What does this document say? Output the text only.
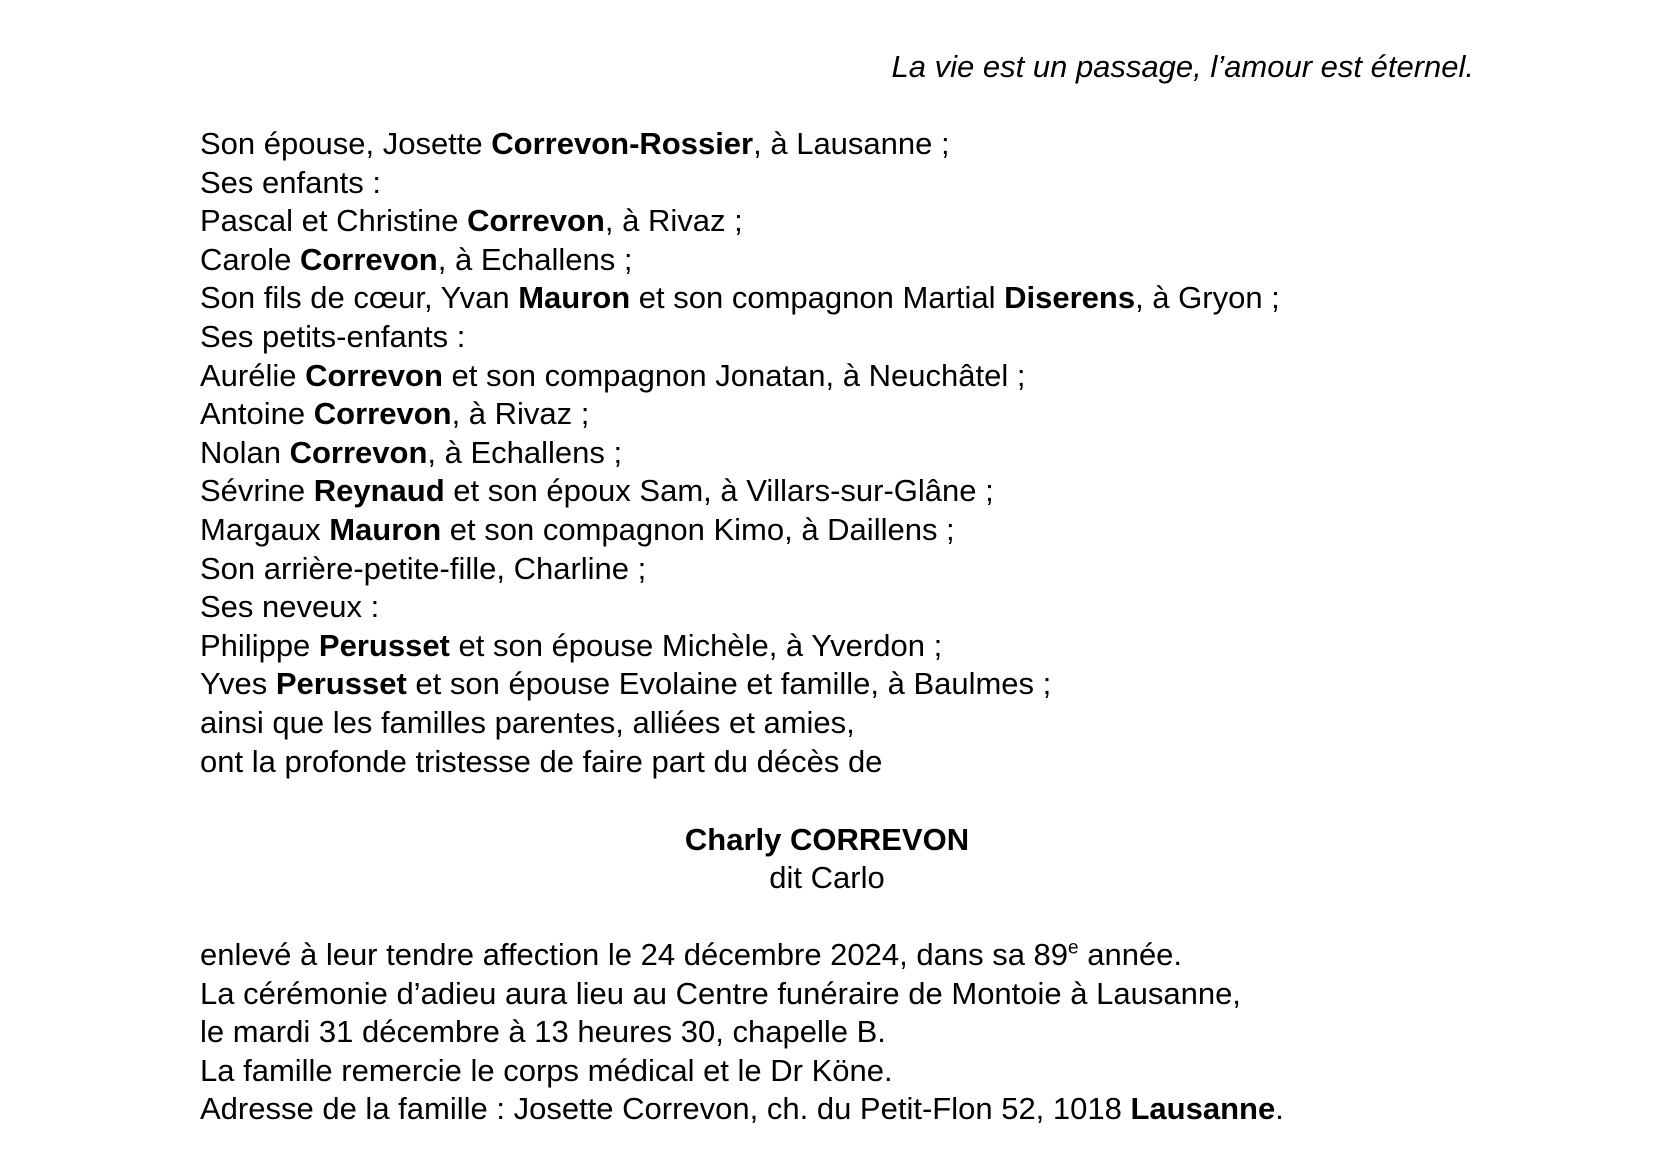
La vie est un passage, l’amour est éternel.
Son épouse, Josette Correvon-Rossier, à Lausanne ;
Ses enfants :
Pascal et Christine Correvon, à Rivaz ;
Carole Correvon, à Echallens ;
Son fils de cœur, Yvan Mauron et son compagnon Martial Diserens, à Gryon ;
Ses petits-enfants :
Aurélie Correvon et son compagnon Jonatan, à Neuchâtel ;
Antoine Correvon, à Rivaz ;
Nolan Correvon, à Echallens ;
Sévrine Reynaud et son époux Sam, à Villars-sur-Glâne ;
Margaux Mauron et son compagnon Kimo, à Daillens ;
Son arrière-petite-fille, Charline ;
Ses neveux :
Philippe Perusset et son épouse Michèle, à Yverdon ;
Yves Perusset et son épouse Evolaine et famille, à Baulmes ;
ainsi que les familles parentes, alliées et amies,
ont la profonde tristesse de faire part du décès de
Charly CORREVON
dit Carlo
enlevé à leur tendre affection le 24 décembre 2024, dans sa 89e année.
La cérémonie d’adieu aura lieu au Centre funéraire de Montoie à Lausanne,
le mardi 31 décembre à 13 heures 30, chapelle B.
La famille remercie le corps médical et le Dr Köne.
Adresse de la famille : Josette Correvon, ch. du Petit-Flon 52, 1018 Lausanne.
